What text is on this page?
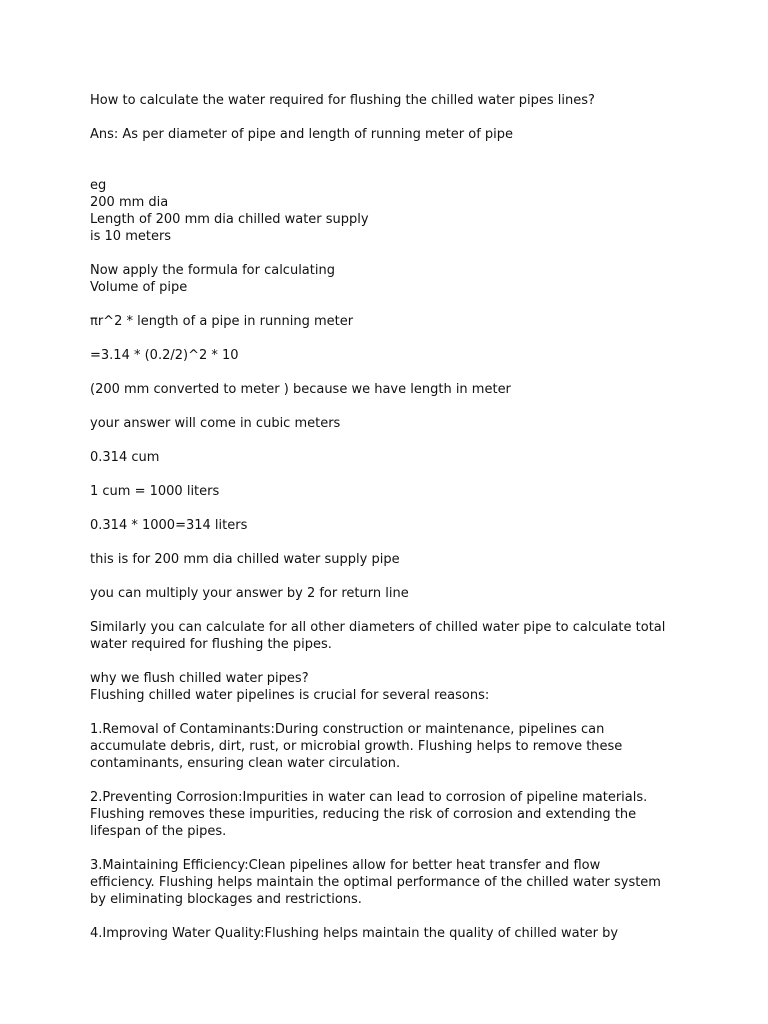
How to calculate the water required for flushing the chilled water pipes lines?
Ans: As per diameter of pipe and length of running meter of pipe
eg
200 mm dia
Length of 200 mm dia chilled water supply
is 10 meters
Now apply the formula for calculating
Volume of pipe
πr^2 * length of a pipe in running meter
=3.14 * (0.2/2)^2 * 10
(200 mm converted to meter ) because we have length in meter
your answer will come in cubic meters
0.314 cum
1 cum = 1000 liters
0.314 * 1000=314 liters
this is for 200 mm dia chilled water supply pipe
you can multiply your answer by 2 for return line
Similarly you can calculate for all other diameters of chilled water pipe to calculate total
water required for flushing the pipes.
why we flush chilled water pipes?
Flushing chilled water pipelines is crucial for several reasons:
1.Removal of Contaminants:During construction or maintenance, pipelines can
accumulate debris, dirt, rust, or microbial growth. Flushing helps to remove these
contaminants, ensuring clean water circulation.
2.Preventing Corrosion:Impurities in water can lead to corrosion of pipeline materials.
Flushing removes these impurities, reducing the risk of corrosion and extending the
lifespan of the pipes.
3.Maintaining Efficiency:Clean pipelines allow for better heat transfer and flow
efficiency. Flushing helps maintain the optimal performance of the chilled water system
by eliminating blockages and restrictions.
4.Improving Water Quality:Flushing helps maintain the quality of chilled water by
